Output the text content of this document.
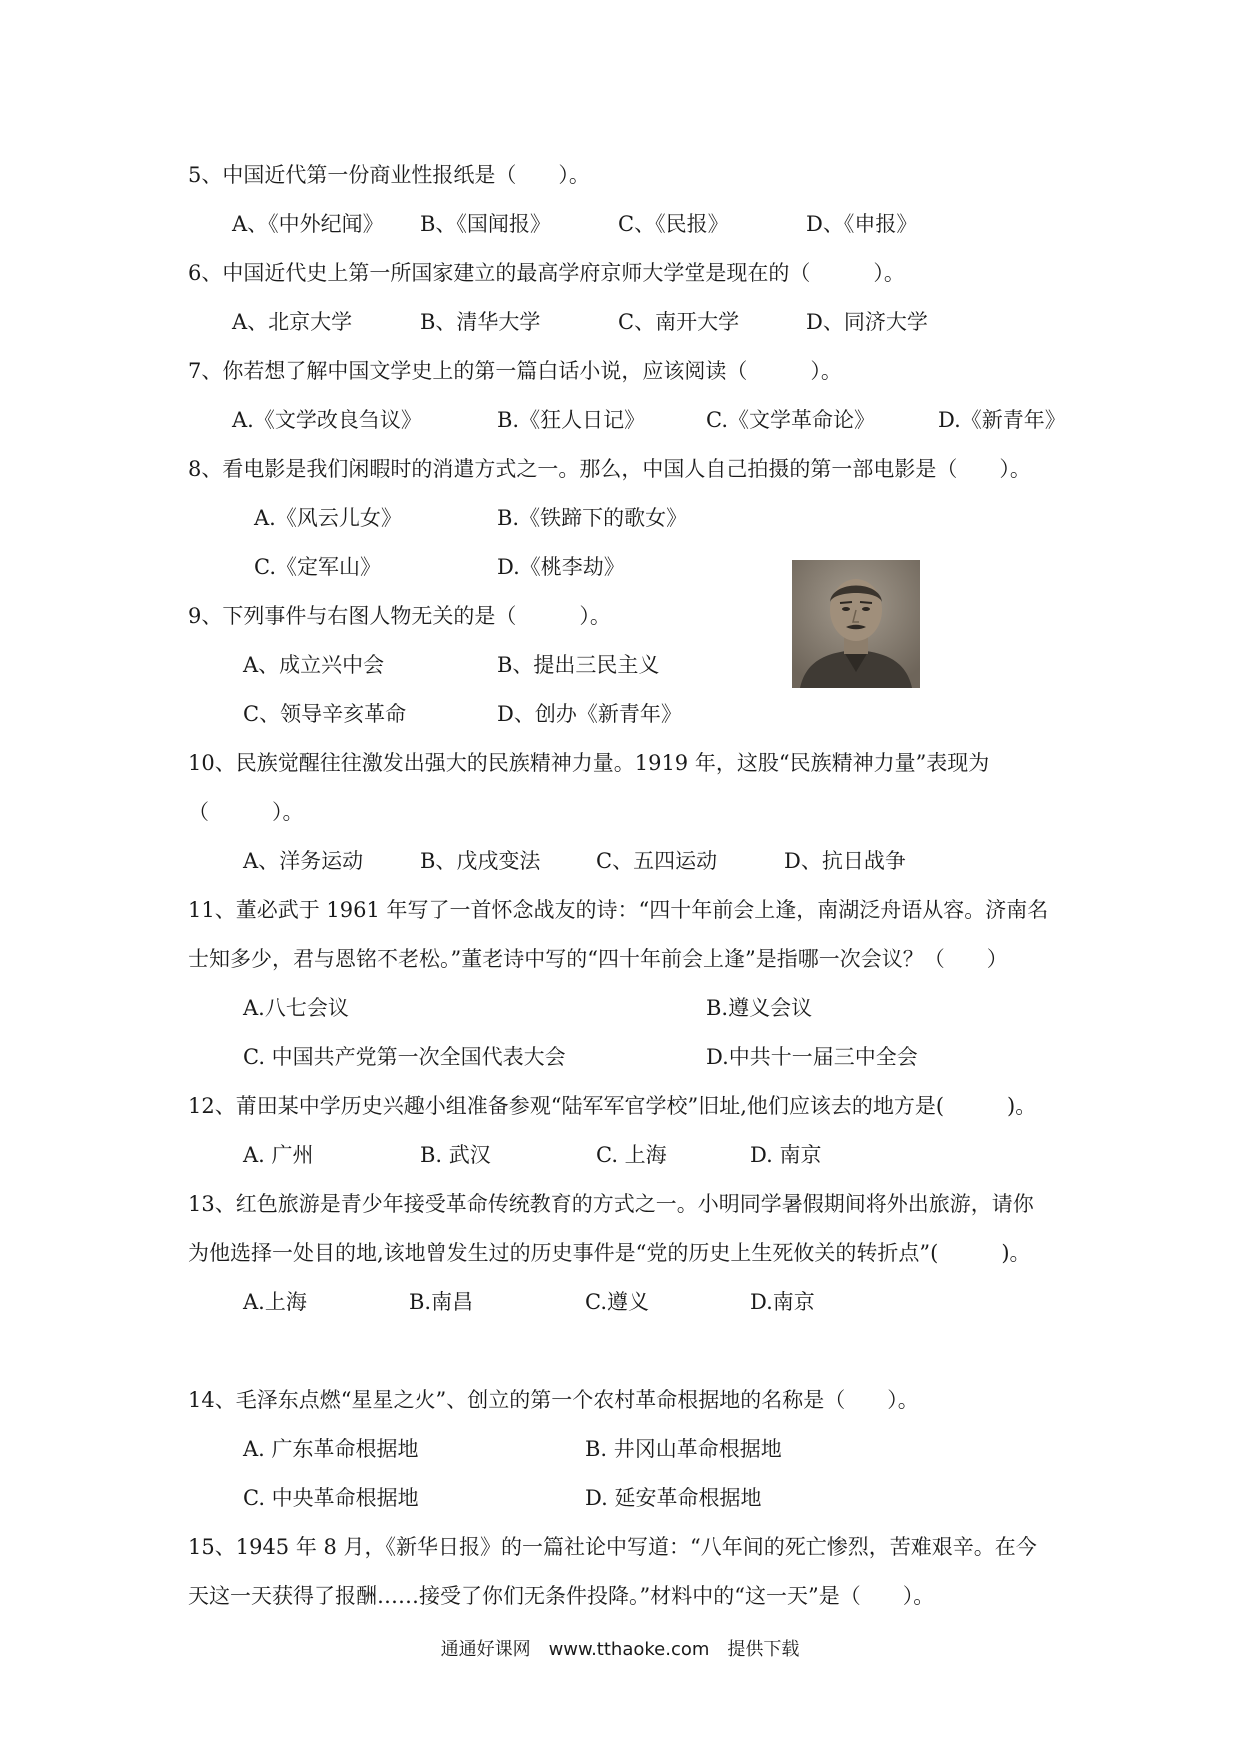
5、中国近代第一份商业性报纸是（　　）。
A、《中外纪闻》 B、《国闻报》	C、《民报》	D、《申报》
6、中国近代史上第一所国家建立的最高学府京师大学堂是现在的（　　　）。
A、北京大学	B、清华大学	C、南开大学	D、同济大学
7、你若想了解中国文学史上的第一篇白话小说，应该阅读（　　　）。
A.《文学改良刍议》	B.《狂人日记》	C.《文学革命论》	D.《新青年》
8、看电影是我们闲暇时的消遣方式之一。那么，中国人自己拍摄的第一部电影是（　　）。
A.《风云儿女》	B.《铁蹄下的歌女》
C.《定军山》	D.《桃李劫》
9、下列事件与右图人物无关的是（　　　）。
A、成立兴中会	B、提出三民主义
C、领导辛亥革命	D、创办《新青年》
10、民族觉醒往往激发出强大的民族精神力量。1919 年，这股“民族精神力量”表现为
（　　　）。
A、洋务运动	B、戊戌变法	C、五四运动	D、抗日战争
11、董必武于 1961 年写了一首怀念战友的诗：“四十年前会上逢，南湖泛舟语从容。济南名
士知多少，君与恩铭不老松。”董老诗中写的“四十年前会上逢”是指哪一次会议？（　　）
A.八七会议	B.遵义会议
C. 中国共产党第一次全国代表大会	D.中共十一届三中全会
12、莆田某中学历史兴趣小组准备参观“陆军军官学校”旧址,他们应该去的地方是(　　　)。
A. 广州	B. 武汉	C. 上海	D. 南京
13、红色旅游是青少年接受革命传统教育的方式之一。小明同学暑假期间将外出旅游，请你
为他选择一处目的地,该地曾发生过的历史事件是“党的历史上生死攸关的转折点”(　　　)。
A.上海	B.南昌	C.遵义	D.南京
14、毛泽东点燃“星星之火”、创立的第一个农村革命根据地的名称是（　　）。
A. 广东革命根据地	B. 井冈山革命根据地
C. 中央革命根据地	D. 延安革命根据地
15、1945 年 8 月，《新华日报》的一篇社论中写道：“八年间的死亡惨烈，苦难艰辛。在今
天这一天获得了报酬……接受了你们无条件投降。”材料中的“这一天”是（　　）。
通通好课网　www.tthaoke.com　提供下载
